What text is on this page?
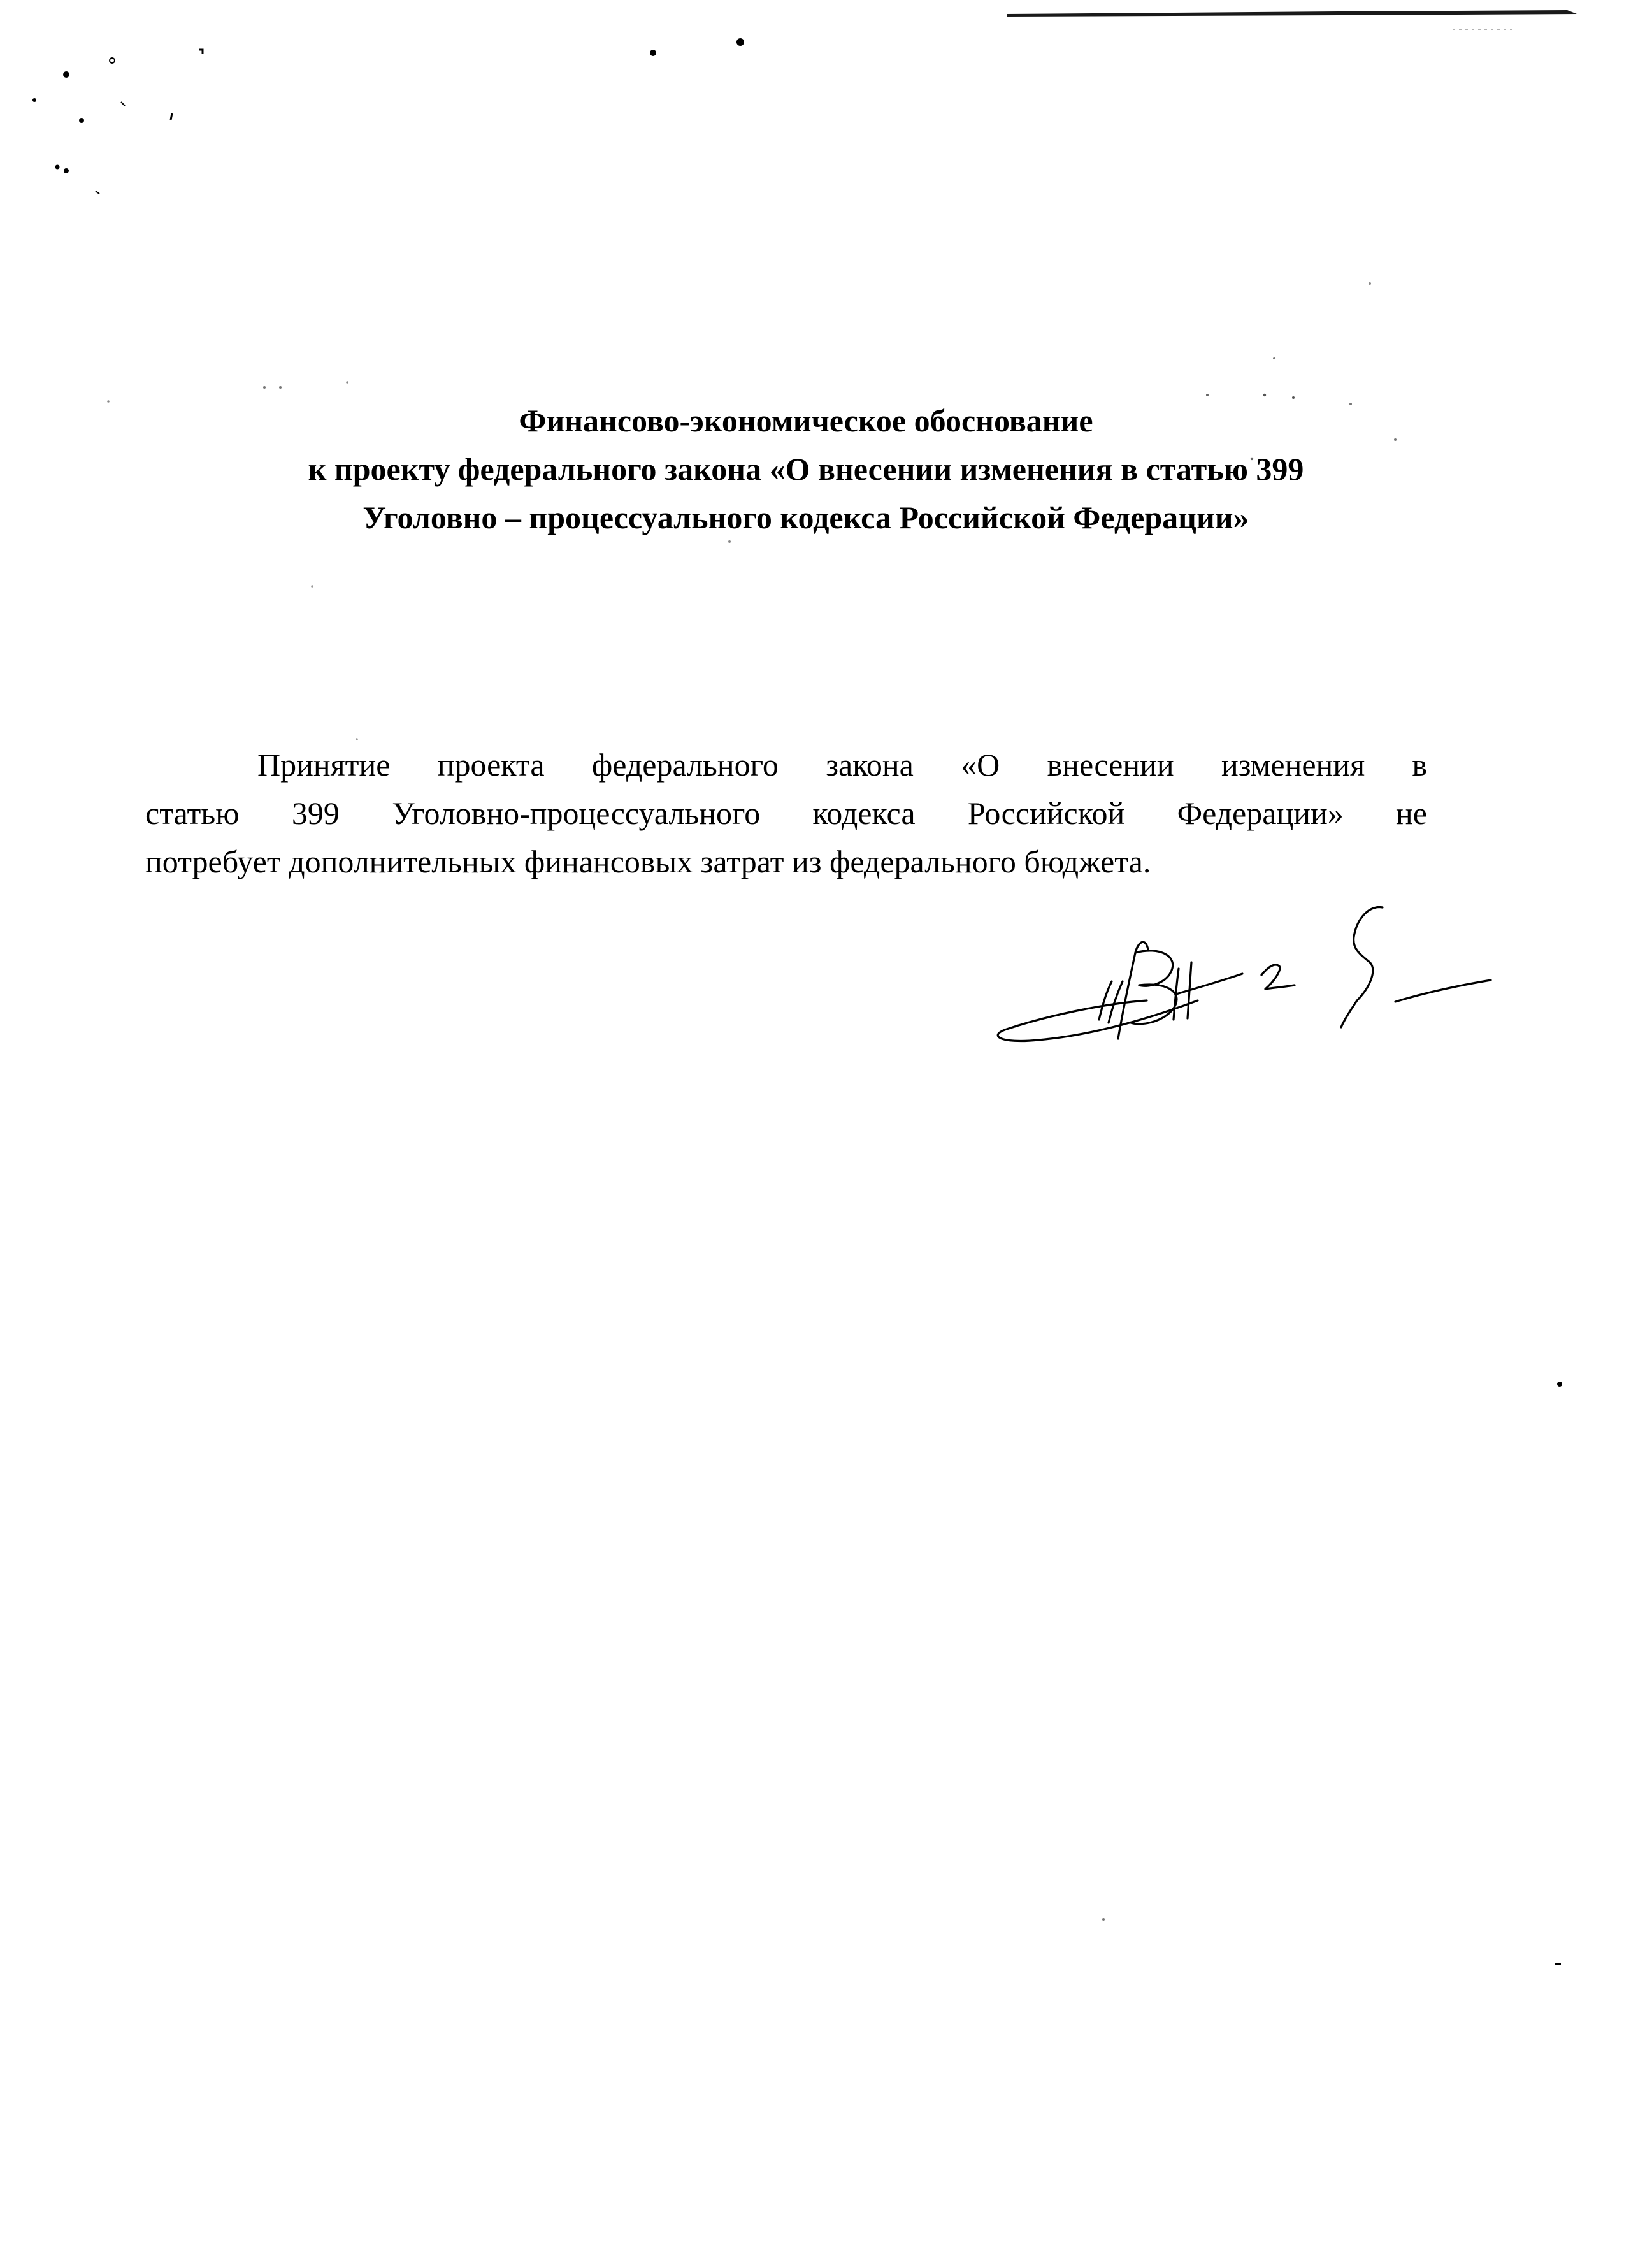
Финансово-экономическое обоснование
к проекту федерального закона «О внесении изменения в статью 399
Уголовно – процессуального кодекса Российской Федерации»
Принятие проекта федерального закона «О внесении изменения в
статью 399 Уголовно-процессуального кодекса Российской Федерации» не
потребует дополнительных финансовых затрат из федерального бюджета.
